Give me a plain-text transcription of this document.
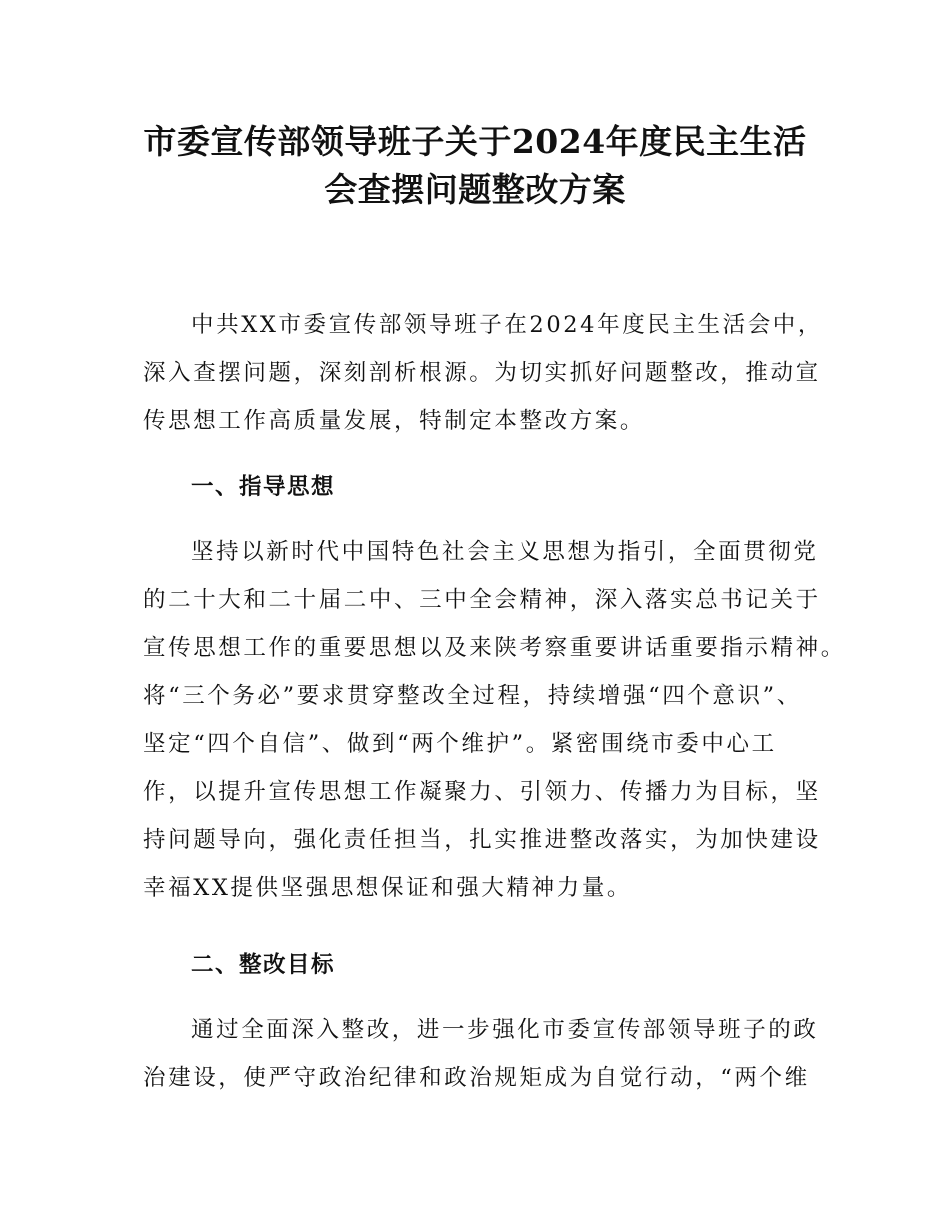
市委宣传部领导班子关于2024年度民主生活
会查摆问题整改方案

中共XX市委宣传部领导班子在2024年度民主生活会中，

深入查摆问题，深刻剖析根源。为切实抓好问题整改，推动宣

传思想工作高质量发展，特制定本整改方案。

一、指导思想

坚持以新时代中国特色社会主义思想为指引，全面贯彻党

的二十大和二十届二中、三中全会精神，深入落实总书记关于

宣传思想工作的重要思想以及来陕考察重要讲话重要指示精神。

将“三个务必”要求贯穿整改全过程，持续增强“四个意识”、

坚定“四个自信”、做到“两个维护”。紧密围绕市委中心工

作，以提升宣传思想工作凝聚力、引领力、传播力为目标，坚

持问题导向，强化责任担当，扎实推进整改落实，为加快建设

幸福XX提供坚强思想保证和强大精神力量。

二、整改目标

通过全面深入整改，进一步强化市委宣传部领导班子的政

治建设，使严守政治纪律和政治规矩成为自觉行动，“两个维
